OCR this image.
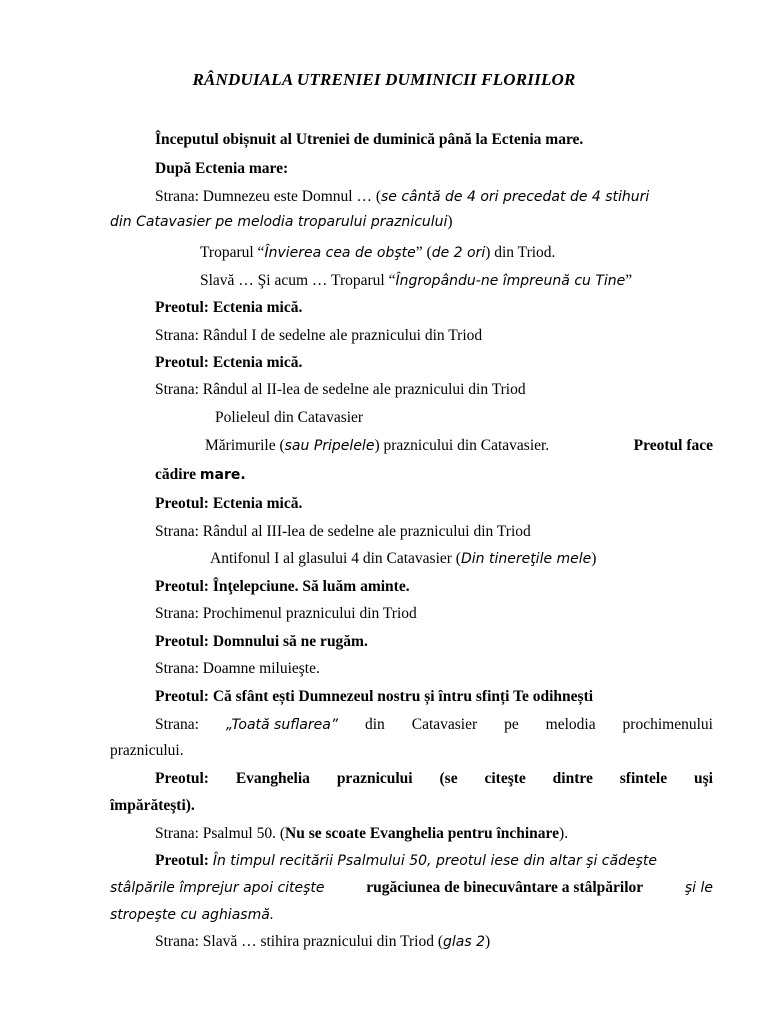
RÂNDUIALA UTRENIEI DUMINICII FLORIILOR
Începutul obișnuit al Utreniei de duminică până la Ectenia mare.
După Ectenia mare:
Strana: Dumnezeu este Domnul … (se cântă de 4 ori precedat de 4 stihuri
din Catavasier pe melodia troparului praznicului)
Troparul “Învierea cea de obşte” (de 2 ori) din Triod.
Slavă … Şi acum … Troparul “Îngropându-ne împreună cu Tine”
Preotul: Ectenia mică.
Strana: Rândul I de sedelne ale praznicului din Triod
Preotul: Ectenia mică.
Strana: Rândul al II-lea de sedelne ale praznicului din Triod
Polieleul din Catavasier
Mărimurile (sau Pripelele) praznicului din Catavasier.	Preotul face
cădire mare.
Preotul: Ectenia mică.
Strana: Rândul al III-lea de sedelne ale praznicului din Triod
Antifonul I al glasului 4 din Catavasier (Din tinereţile mele)
Preotul: Înţelepciune. Să luăm aminte.
Strana: Prochimenul praznicului din Triod
Preotul: Domnului să ne rugăm.
Strana: Doamne miluieşte.
Preotul: Că sfânt ești Dumnezeul nostru și întru sfinți Te odihnești
Strana: „Toată suflarea” din Catavasier pe melodia prochimenului
praznicului.
Preotul: Evanghelia praznicului (se citeşte dintre sfintele uşi
împărăteşti).
Strana: Psalmul 50. (Nu se scoate Evanghelia pentru închinare).
Preotul: În timpul recitării Psalmului 50, preotul iese din altar şi cădeşte
stâlpările împrejur apoi citeşte	rugăciunea de binecuvântare a stâlpărilor	şi le
stropeşte cu aghiasmă.
Strana: Slavă … stihira praznicului din Triod (glas 2)
